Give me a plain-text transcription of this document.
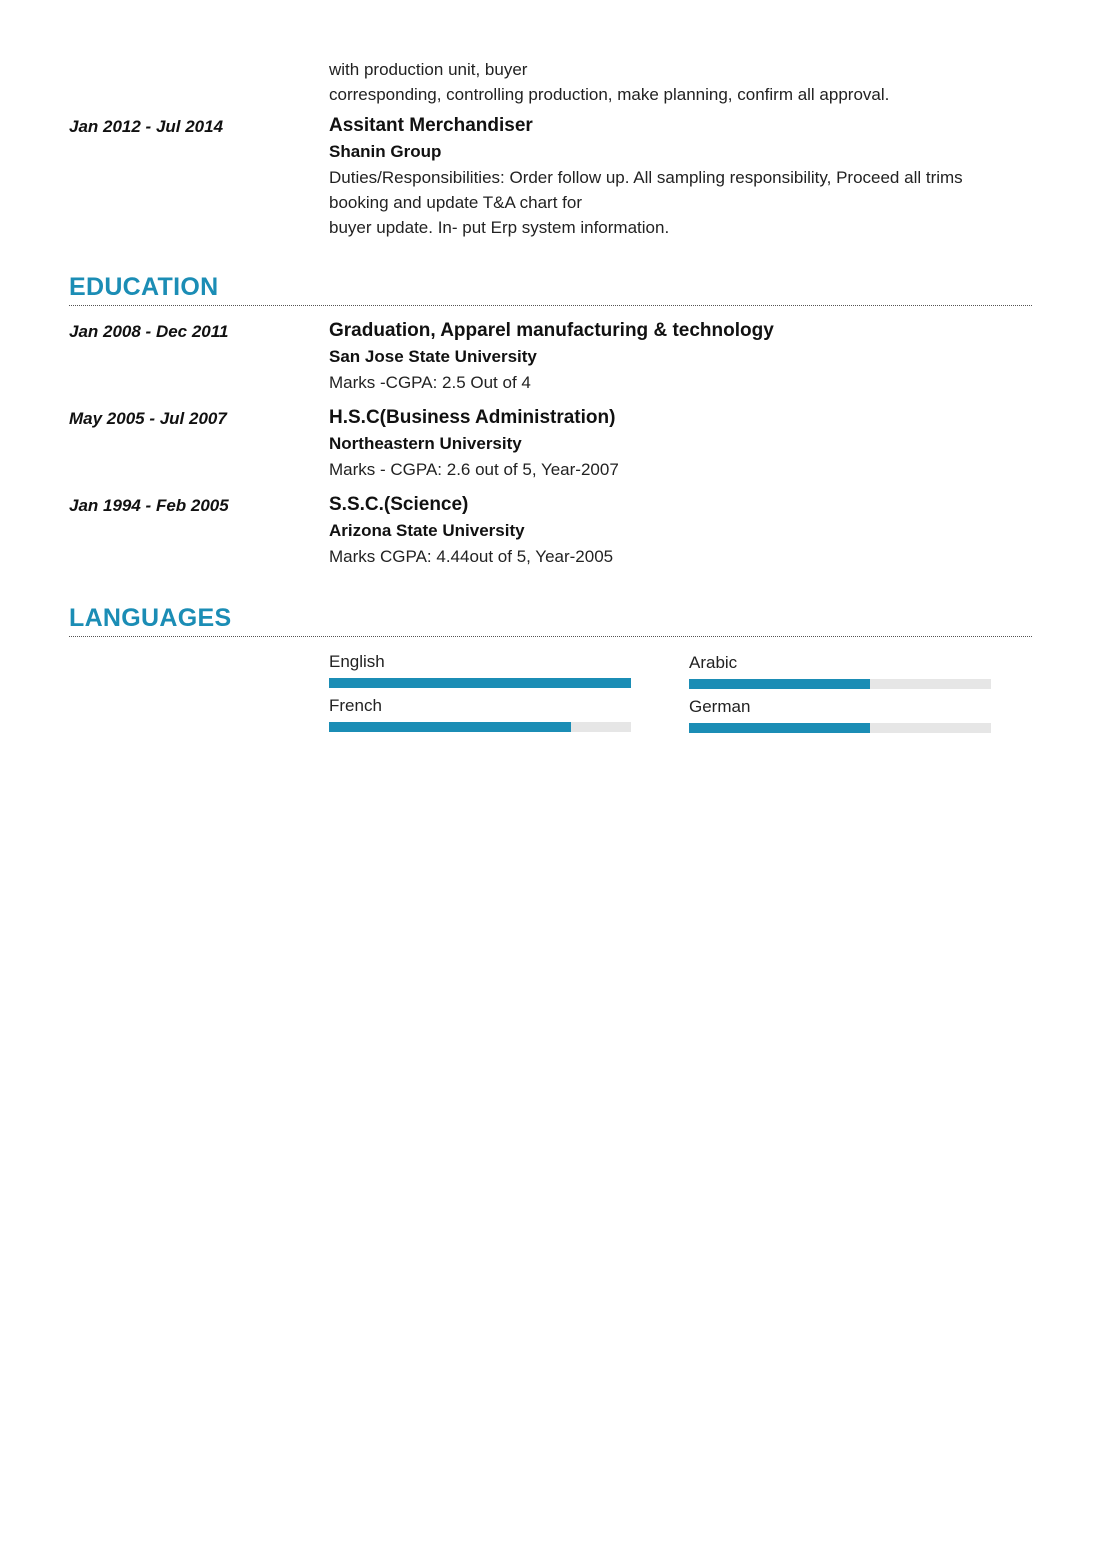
with production unit, buyer
corresponding, controlling production, make planning, confirm all approval.
Jan 2012 - Jul 2014	Assitant Merchandiser
Shanin Group
Duties/Responsibilities: Order follow up. All sampling responsibility, Proceed all trims
booking and update T&A chart for
buyer update. In- put Erp system information.
EDUCATION
Jan 2008 - Dec 2011	Graduation, Apparel manufacturing & technology
San Jose State University
Marks -CGPA: 2.5 Out of 4
May 2005 - Jul 2007	H.S.C(Business Administration)
Northeastern University
Marks - CGPA: 2.6 out of 5, Year-2007
Jan 1994 - Feb 2005	S.S.C.(Science)
Arizona State University
Marks CGPA: 4.44out of 5, Year-2005
LANGUAGES
English	Arabic
French	German
